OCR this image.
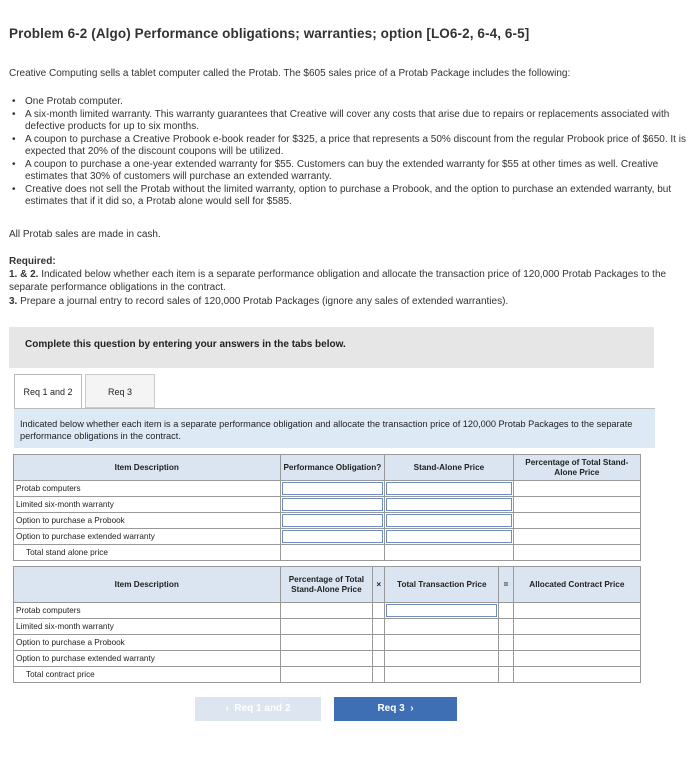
Problem 6-2 (Algo) Performance obligations; warranties; option [LO6-2, 6-4, 6-5]
Creative Computing sells a tablet computer called the Protab. The $605 sales price of a Protab Package includes the following:
• One Protab computer.
• A six-month limited warranty. This warranty guarantees that Creative will cover any costs that arise due to repairs or replacements associated with defective products for up to six months.
• A coupon to purchase a Creative Probook e-book reader for $325, a price that represents a 50% discount from the regular Probook price of $650. It is expected that 20% of the discount coupons will be utilized.
• A coupon to purchase a one-year extended warranty for $55. Customers can buy the extended warranty for $55 at other times as well. Creative estimates that 30% of customers will purchase an extended warranty.
• Creative does not sell the Protab without the limited warranty, option to purchase a Probook, and the option to purchase an extended warranty, but estimates that if it did so, a Protab alone would sell for $585.
All Protab sales are made in cash.
Required:
1. & 2. Indicated below whether each item is a separate performance obligation and allocate the transaction price of 120,000 Protab Packages to the separate performance obligations in the contract.
3. Prepare a journal entry to record sales of 120,000 Protab Packages (ignore any sales of extended warranties).
Complete this question by entering your answers in the tabs below.
Req 1 and 2	Req 3
Indicated below whether each item is a separate performance obligation and allocate the transaction price of 120,000 Protab Packages to the separate performance obligations in the contract.
Item Description	Performance Obligation?	Stand-Alone Price	Percentage of Total Stand-Alone Price
Protab computers	

Limited six-month warranty	

Option to purchase a Probook	

Option to purchase extended warranty	

Total stand alone price			
Item Description	Percentage of Total Stand-Alone Price	×	Total Transaction Price	=	Allocated Contract Price
Protab computers			

Limited six-month warranty					
Option to purchase a Probook					
Option to purchase extended warranty					
Total contract price					
‹  Req 1 and 2	Req 3  ›
